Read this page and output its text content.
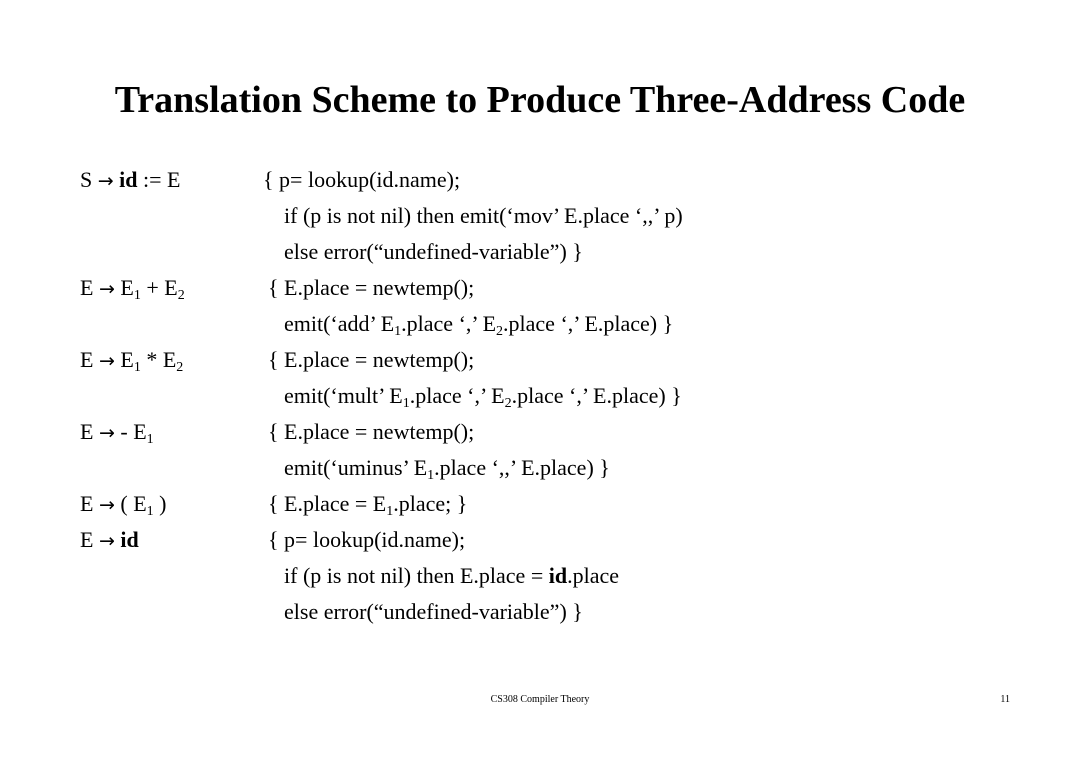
Translation Scheme to Produce Three-Address Code
S → id := E	{ p= lookup(id.name);
if (p is not nil) then emit(‘mov’ E.place ‘,,’ p)
else error(“undefined-variable”) }
$E \to E_1 + E_2$	{ E.place = newtemp();
emit(‘add’ $E_1.place$ ‘,’ $E_2.place$ ‘,’ E.place) }
$E \to E_1 * E_2$	{ E.place = newtemp();
emit(‘mult’ $E_1.place$ ‘,’ $E_2.place$ ‘,’ E.place) }
E → - $E_1$	{ E.place = newtemp();
emit(‘uminus’ $E_1.place$ ‘,,’ E.place) }
E → ( $E_1$ )	{ E.place = $E_1.place$; }
E → id	{ p= lookup(id.name);
if (p is not nil) then E.place = id.place
else error(“undefined-variable”) }
CS308 Compiler Theory	11
